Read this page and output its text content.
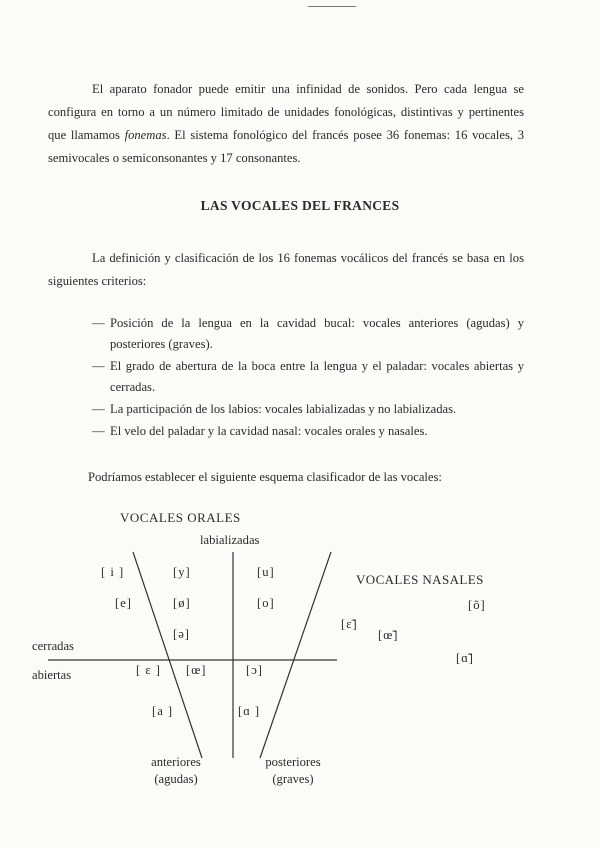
El aparato fonador puede emitir una infinidad de sonidos. Pero cada lengua se configura en torno a un número limitado de unidades fonológicas, distintivas y pertinentes que llamamos fonemas. El sistema fonológico del francés posee 36 fonemas: 16 vocales, 3 semivocales o semiconsonantes y 17 consonantes.
LAS VOCALES DEL FRANCES
La definición y clasificación de los 16 fonemas vocálicos del francés se basa en los siguientes criterios:
— Posición de la lengua en la cavidad bucal: vocales anteriores (agudas) y posteriores (graves).
— El grado de abertura de la boca entre la lengua y el paladar: vocales abiertas y cerradas.
— La participación de los labios: vocales labializadas y no labializadas.
— El velo del paladar y la cavidad nasal: vocales orales y nasales.
Podríamos establecer el siguiente esquema clasificador de las vocales:
VOCALES ORALES
labializadas
[ i ]	[y]	[u]
[e]	[ø]	[o]
[ə]
cerradas
abiertas	[ ɛ ] [œ]	[ɔ]
[a ]	[ɑ ]
anteriores
(agudas)
posteriores
(graves)
VOCALES NASALES
[õ]
[ɛ̃]
[œ̃]
[ɑ̃]
